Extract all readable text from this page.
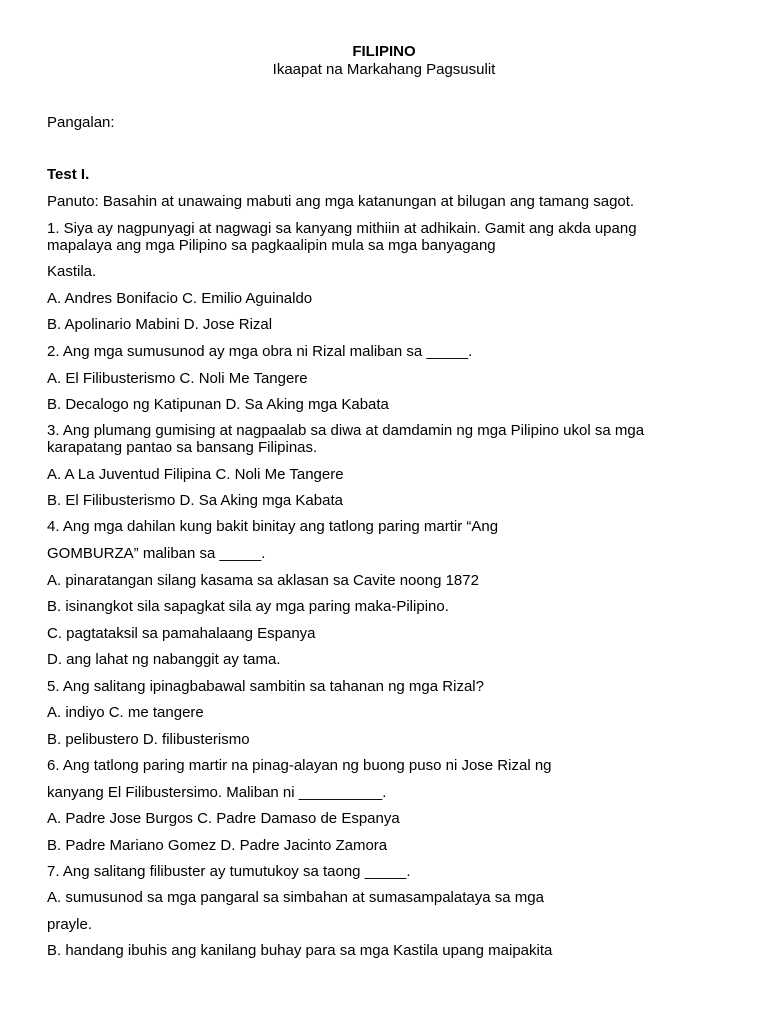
FILIPINO
Ikaapat na Markahang Pagsusulit
Pangalan:
Test I.
Panuto: Basahin at unawaing mabuti ang mga katanungan at bilugan ang tamang sagot.
1. Siya ay nagpunyagi at nagwagi sa kanyang mithiin at adhikain. Gamit ang akda upang mapalaya ang mga Pilipino sa pagkaalipin mula sa mga banyagang
Kastila.
A. Andres Bonifacio C. Emilio Aguinaldo
B. Apolinario Mabini D. Jose Rizal
2. Ang mga sumusunod ay mga obra ni Rizal maliban sa _____.
A. El Filibusterismo C. Noli Me Tangere
B. Decalogo ng Katipunan D. Sa Aking mga Kabata
3. Ang plumang gumising at nagpaalab sa diwa at damdamin ng mga Pilipino ukol sa mga karapatang pantao sa bansang Filipinas.
A. A La Juventud Filipina C. Noli Me Tangere
B. El Filibusterismo D. Sa Aking mga Kabata
4. Ang mga dahilan kung bakit binitay ang tatlong paring martir “Ang
GOMBURZA” maliban sa _____.
A. pinaratangan silang kasama sa aklasan sa Cavite noong 1872
B. isinangkot sila sapagkat sila ay mga paring maka-Pilipino.
C. pagtataksil sa pamahalaang Espanya
D. ang lahat ng nabanggit ay tama.
5. Ang salitang ipinagbabawal sambitin sa tahanan ng mga Rizal?
A. indiyo C. me tangere
B. pelibustero D. filibusterismo
6. Ang tatlong paring martir na pinag-alayan ng buong puso ni Jose Rizal ng
kanyang El Filibustersimo. Maliban ni __________.
A. Padre Jose Burgos C. Padre Damaso de Espanya
B. Padre Mariano Gomez D. Padre Jacinto Zamora
7. Ang salitang filibuster ay tumutukoy sa taong _____.
A. sumusunod sa mga pangaral sa simbahan at sumasampalataya sa mga
prayle.
B. handang ibuhis ang kanilang buhay para sa mga Kastila upang maipakita
